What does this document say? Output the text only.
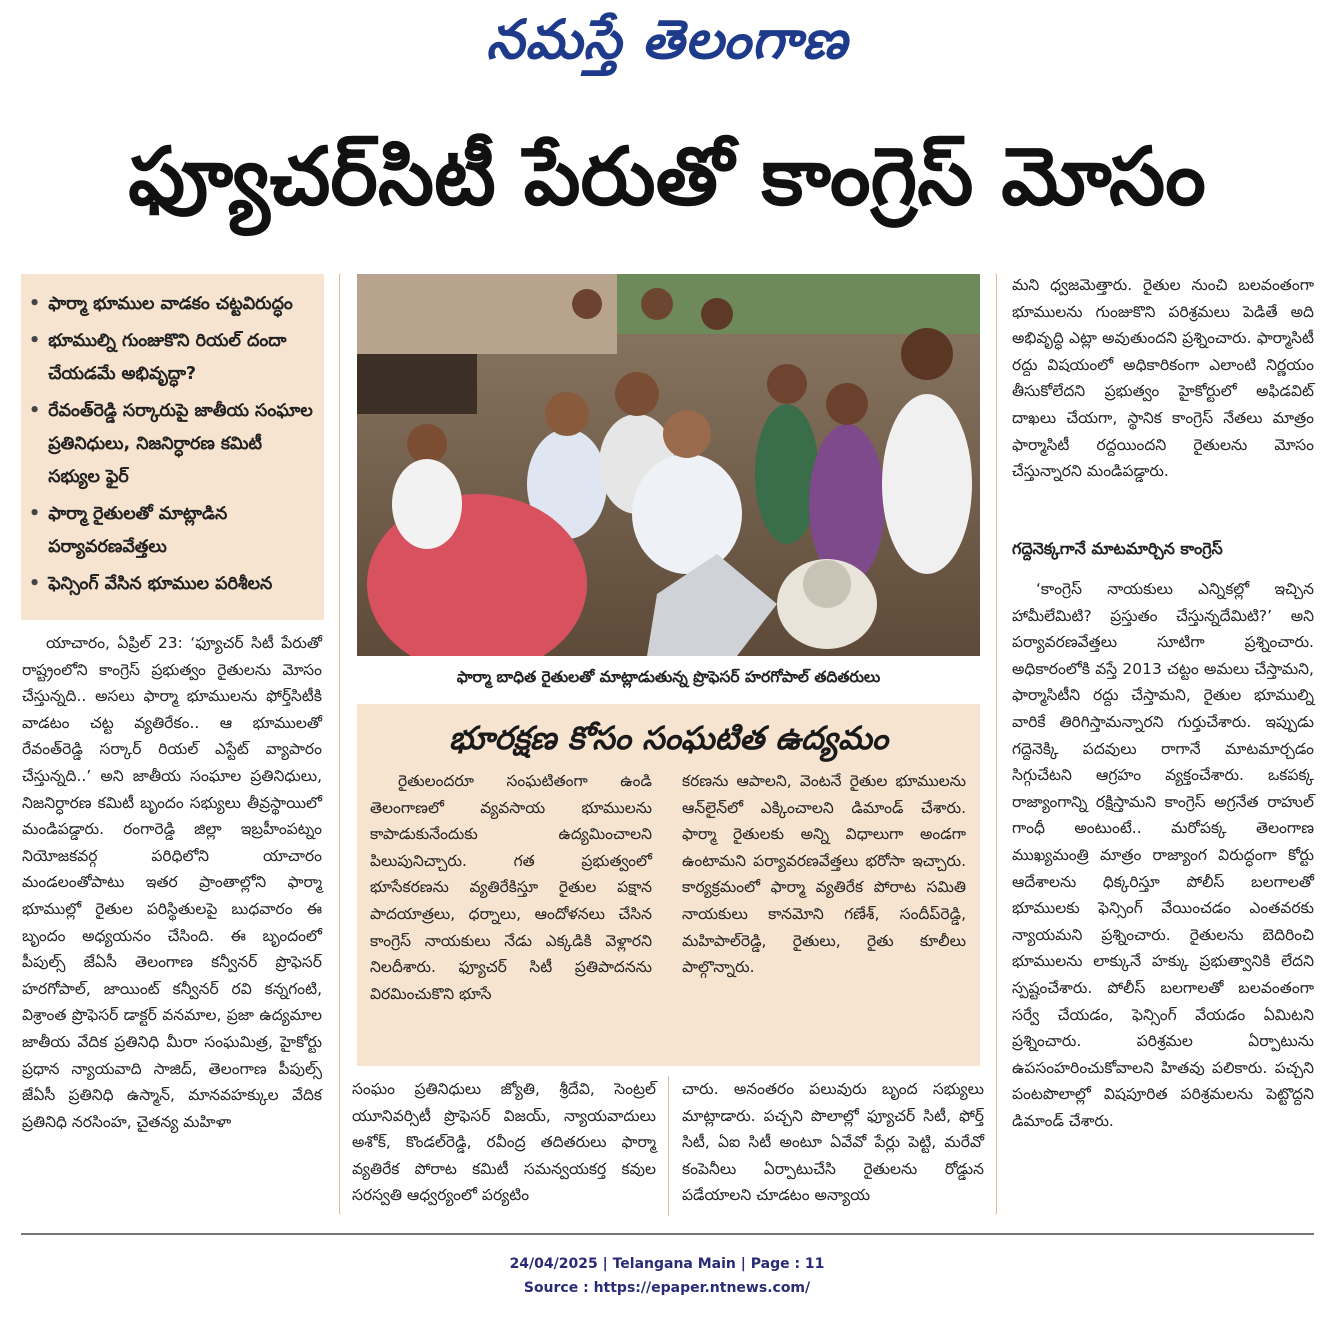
నమస్తే తెలంగాణ
ఫ్యూచర్‌సిటీ పేరుతో కాంగ్రెస్‌ మోసం
• ఫార్మా భూముల వాడకం చట్టవిరుద్ధం
• భూముల్ని గుంజుకొని రియల్‌ దందా చేయడమే అభివృద్ధా?
• రేవంత్‌రెడ్డి సర్కారుపై జాతీయ సంఘాల ప్రతినిధులు, నిజనిర్ధారణ కమిటీ సభ్యుల ఫైర్‌
• ఫార్మా రైతులతో మాట్లాడిన పర్యావరణవేత్తలు
• ఫెన్సింగ్‌ వేసిన భూముల పరిశీలన
ఫార్మా బాధిత రైతులతో మాట్లాడుతున్న ప్రొఫెసర్‌ హరగోపాల్‌ తదితరులు
భూరక్షణ కోసం సంఘటిత ఉద్యమం

రైతులందరూ సంఘటితంగా ఉండి తెలంగాణలో వ్యవసాయ భూములను కాపాడుకునేందుకు ఉద్యమించాలని పిలుపునిచ్చారు. గత ప్రభుత్వంలో భూసేకరణను వ్యతిరేకిస్తూ రైతుల పక్షాన పాదయాత్రలు, ధర్నాలు, ఆందోళనలు చేసిన కాంగ్రెస్‌ నాయకులు నేడు ఎక్కడికి వెళ్లారని నిలదీశారు. ఫ్యూచర్‌ సిటీ ప్రతిపాదనను విరమించుకొని భూసే

కరణను ఆపాలని, వెంటనే రైతుల భూములను ఆన్‌లైన్‌లో ఎక్కించాలని డిమాండ్‌ చేశారు. ఫార్మా రైతులకు అన్ని విధాలుగా అండగా ఉంటామని పర్యావరణవేత్తలు భరోసా ఇచ్చారు. కార్యక్రమంలో ఫార్మా వ్యతిరేక పోరాట సమితి నాయకులు కానమోని గణేశ్‌, సందీప్‌రెడ్డి, మహిపాల్‌రెడ్డి, రైతులు, రైతు కూలీలు పాల్గొన్నారు.

యాచారం, ఏప్రిల్‌ 23: ‘ఫ్యూచర్‌ సిటీ పేరుతో రాష్ట్రంలోని కాంగ్రెస్‌ ప్రభుత్వం రైతులను మోసం చేస్తున్నది.. అసలు ఫార్మా భూములను ఫోర్త్‌సిటీకి వాడటం చట్ట వ్యతిరేకం.. ఆ భూములతో రేవంత్‌రెడ్డి సర్కార్‌ రియల్‌ ఎస్టేట్‌ వ్యాపారం చేస్తున్నది..’ అని జాతీయ సంఘాల ప్రతినిధులు, నిజనిర్ధారణ కమిటీ బృందం సభ్యులు తీవ్రస్థాయిలో మండిపడ్డారు. రంగారెడ్డి జిల్లా ఇబ్రహీంపట్నం నియోజకవర్గ పరిధిలోని యాచారం మండలంతోపాటు ఇతర ప్రాంతాల్లోని ఫార్మా భూముల్లో రైతుల పరిస్థితులపై బుధవారం ఈ బృందం అధ్యయనం చేసింది. ఈ బృందంలో పీపుల్స్‌ జేఏసీ తెలంగాణ కన్వీనర్‌ ప్రొఫెసర్‌ హరగోపాల్‌, జాయింట్‌ కన్వీనర్‌ రవి కన్నగంటి, విశ్రాంత ప్రొఫెసర్‌ డాక్టర్‌ వనమాల, ప్రజా ఉద్యమాల జాతీయ వేదిక ప్రతినిధి మీరా సంఘమిత్ర, హైకోర్టు ప్రధాన న్యాయవాది సాజిద్‌, తెలంగాణ పీపుల్స్‌ జేఏసీ ప్రతినిధి ఉస్మాన్‌, మానవహక్కుల వేదిక ప్రతినిధి నరసింహ, చైతన్య మహిళా

సంఘం ప్రతినిధులు జ్యోతి, శ్రీదేవి, సెంట్రల్‌ యూనివర్సిటీ ప్రొఫెసర్‌ విజయ్‌, న్యాయవాదులు అశోక్‌, కొండల్‌రెడ్డి, రవీంద్ర తదితరులు ఫార్మా వ్యతిరేక పోరాట కమిటీ సమన్వయకర్త కవుల సరస్వతి ఆధ్వర్యంలో పర్యటిం

చారు. అనంతరం పలువురు బృంద సభ్యులు మాట్లాడారు. పచ్చని పొలాల్లో ఫ్యూచర్‌ సిటీ, ఫోర్త్‌ సిటీ, ఏఐ సిటీ అంటూ ఏవేవో పేర్లు పెట్టి, మరేవో కంపెనీలు ఏర్పాటుచేసి రైతులను రోడ్డున పడేయాలని చూడటం అన్యాయ

మని ధ్వజమెత్తారు. రైతుల నుంచి బలవంతంగా భూములను గుంజుకొని పరిశ్రమలు పెడితే అది అభివృద్ధి ఎట్లా అవుతుందని ప్రశ్నించారు. ఫార్మాసిటీ రద్దు విషయంలో అధికారికంగా ఎలాంటి నిర్ణయం తీసుకోలేదని ప్రభుత్వం హైకోర్టులో అఫిడవిట్‌ దాఖలు చేయగా, స్థానిక కాంగ్రెస్‌ నేతలు మాత్రం ఫార్మాసిటీ రద్దయిందని రైతులను మోసం చేస్తున్నారని మండిపడ్డారు.

గద్దెనెక్కగానే మాటమార్చిన కాంగ్రెస్‌

‘కాంగ్రెస్‌ నాయకులు ఎన్నికల్లో ఇచ్చిన హామీలేమిటి? ప్రస్తుతం చేస్తున్నదేమిటి?’ అని పర్యావరణవేత్తలు సూటిగా ప్రశ్నించారు. అధికారంలోకి వస్తే 2013 చట్టం అమలు చేస్తామని, ఫార్మాసిటీని రద్దు చేస్తామని, రైతుల భూముల్ని వారికే తిరిగిస్తామన్నారని గుర్తుచేశారు. ఇప్పుడు గద్దెనెక్కి పదవులు రాగానే మాటమార్చడం సిగ్గుచేటని ఆగ్రహం వ్యక్తంచేశారు. ఒకపక్క రాజ్యాంగాన్ని రక్షిస్తామని కాంగ్రెస్‌ అగ్రనేత రాహుల్‌ గాంధీ అంటుంటే.. మరోపక్క తెలంగాణ ముఖ్యమంత్రి మాత్రం రాజ్యాంగ విరుద్ధంగా కోర్టు ఆదేశాలను ధిక్కరిస్తూ పోలీస్‌ బలగాలతో భూములకు ఫెన్సింగ్‌ వేయించడం ఎంతవరకు న్యాయమని ప్రశ్నించారు. రైతులను బెదిరించి భూములను లాక్కునే హక్కు ప్రభుత్వానికి లేదని స్పష్టంచేశారు. పోలీస్‌ బలగాలతో బలవంతంగా సర్వే చేయడం, ఫెన్సింగ్‌ వేయడం ఏమిటని ప్రశ్నించారు. పరిశ్రమల ఏర్పాటును ఉపసంహరించుకోవాలని హితవు పలికారు. పచ్చని పంటపొలాల్లో విషపూరిత పరిశ్రమలను పెట్టొద్దని డిమాండ్‌ చేశారు.

24/04/2025 | Telangana Main | Page : 11
Source : https://epaper.ntnews.com/
